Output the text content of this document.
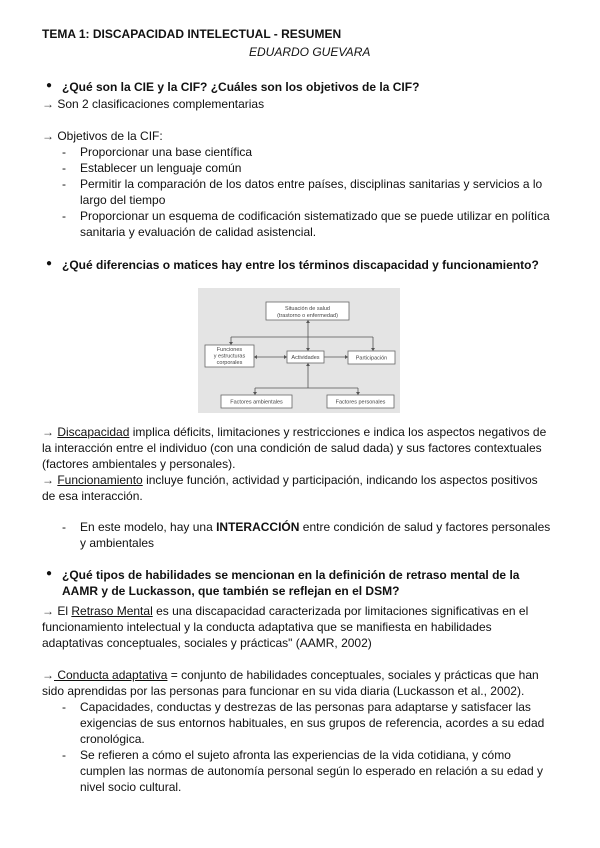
TEMA 1: DISCAPACIDAD INTELECTUAL - RESUMEN
EDUARDO GUEVARA
● ¿Qué son la CIE y la CIF? ¿Cuáles son los objetivos de la CIF?
→ Son 2 clasificaciones complementarias
→ Objetivos de la CIF:
- Proporcionar una base científica
- Establecer un lenguaje común
- Permitir la comparación de los datos entre países, disciplinas sanitarias y servicios a lo
largo del tiempo
- Proporcionar un esquema de codificación sistematizado que se puede utilizar en política
sanitaria y evaluación de calidad asistencial.
● ¿Qué diferencias o matices hay entre los términos discapacidad y funcionamiento?
Situación de salud
(trastorno o enfermedad)
Funciones
y estructuras
corporales
Actividades	Participación
Factores ambientales	Factores personales
→ Discapacidad implica déficits, limitaciones y restricciones e indica los aspectos negativos de
la interacción entre el individuo (con una condición de salud dada) y sus factores contextuales
(factores ambientales y personales).
→ Funcionamiento incluye función, actividad y participación, indicando los aspectos positivos
de esa interacción.
- En este modelo, hay una INTERACCIÓN entre condición de salud y factores personales
y ambientales
● ¿Qué tipos de habilidades se mencionan en la definición de retraso mental de la
AAMR y de Luckasson, que también se reflejan en el DSM?
→ El Retraso Mental es una discapacidad caracterizada por limitaciones significativas en el
funcionamiento intelectual y la conducta adaptativa que se manifiesta en habilidades
adaptativas conceptuales, sociales y prácticas" (AAMR, 2002)
→ Conducta adaptativa = conjunto de habilidades conceptuales, sociales y prácticas que han
sido aprendidas por las personas para funcionar en su vida diaria (Luckasson et al., 2002).
- Capacidades, conductas y destrezas de las personas para adaptarse y satisfacer las
exigencias de sus entornos habituales, en sus grupos de referencia, acordes a su edad
cronológica.
- Se refieren a cómo el sujeto afronta las experiencias de la vida cotidiana, y cómo
cumplen las normas de autonomía personal según lo esperado en relación a su edad y
nivel socio cultural.
